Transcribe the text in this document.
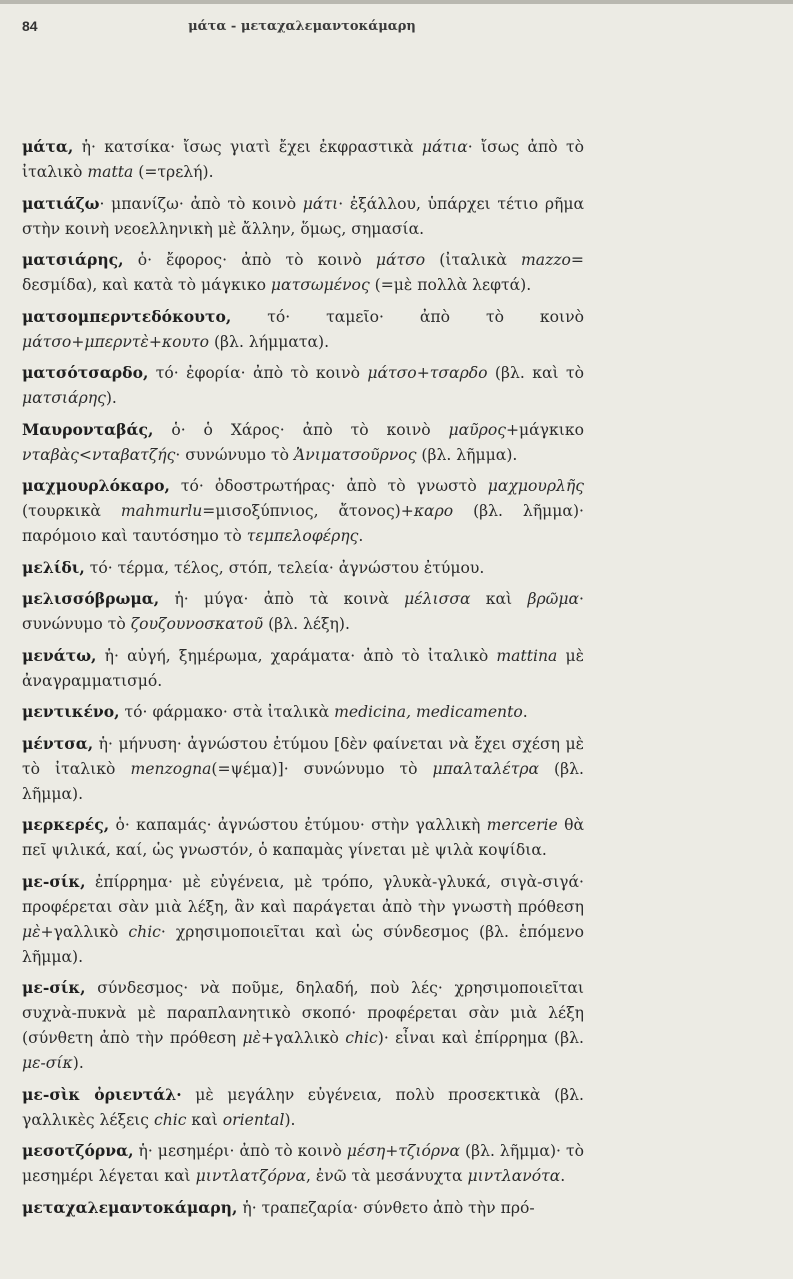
84	μάτα - μεταχαλεμαντοκάμαρη

μάτα, ἡ· κατσίκα· ἴσως γιατὶ ἔχει ἐκφραστικὰ μάτια· ἴσως ἀπὸ τὸ ἰταλικὸ matta (=τρελή).

ματιάζω· μπανίζω· ἀπὸ τὸ κοινὸ μάτι· ἐξάλλου, ὑπάρχει τέτιο ρῆμα στὴν κοινὴ νεοελληνικὴ μὲ ἄλλην, ὅμως, σημασία.

ματσιάρης, ὁ· ἔφορος· ἀπὸ τὸ κοινὸ μάτσο (ἰταλικὰ mazzo= δεσμίδα), καὶ κατὰ τὸ μάγκικο ματσωμένος (=μὲ πολλὰ λεφτά).

ματσομπερντεδόκουτο, τό· ταμεῖο· ἀπὸ τὸ κοινὸ μάτσο+μπερντὲ+κουτο (βλ. λήμματα).

ματσότσαρδο, τό· ἐφορία· ἀπὸ τὸ κοινὸ μάτσο+τσαρδο (βλ. καὶ τὸ ματσιάρης).

Μαυρονταβάς, ὁ· ὁ Χάρος· ἀπὸ τὸ κοινὸ μαῦρος+μάγκικο νταβὰς<νταβατζής· συνώνυμο τὸ Ἀνιματσοῦρνος (βλ. λῆμμα).

μαχμουρλόκαρο, τό· ὀδοστρωτήρας· ἀπὸ τὸ γνωστὸ μαχμουρλῆς (τουρκικὰ mahmurlu=μισοξύπνιος, ἄτονος)+καρο (βλ. λῆμμα)· παρόμοιο καὶ ταυτόσημο τὸ τεμπελοφέρης.

μελίδι, τό· τέρμα, τέλος, στόπ, τελεία· ἀγνώστου ἐτύμου.

μελισσόβρωμα, ἡ· μύγα· ἀπὸ τὰ κοινὰ μέλισσα καὶ βρῶμα· συνώνυμο τὸ ζουζουνοσκατοῦ (βλ. λέξη).

μενάτω, ἡ· αὐγή, ξημέρωμα, χαράματα· ἀπὸ τὸ ἰταλικὸ mattina μὲ ἀναγραμματισμό.

μεντικένο, τό· φάρμακο· στὰ ἰταλικὰ medicina, medicamento.

μέντσα, ἡ· μήνυση· ἀγνώστου ἐτύμου [δὲν φαίνεται νὰ ἔχει σχέση μὲ τὸ ἰταλικὸ menzogna(=ψέμα)]· συνώνυμο τὸ μπαλταλέτρα (βλ. λῆμμα).

μερκερές, ὁ· καπαμάς· ἀγνώστου ἐτύμου· στὴν γαλλικὴ mercerie θὰ πεῖ ψιλικά, καί, ὡς γνωστόν, ὁ καπαμὰς γίνεται μὲ ψιλὰ κοψίδια.

με-σίκ, ἐπίρρημα· μὲ εὐγένεια, μὲ τρόπο, γλυκὰ-γλυκά, σιγὰ-σιγά· προφέρεται σὰν μιὰ λέξη, ἂν καὶ παράγεται ἀπὸ τὴν γνωστὴ πρόθεση μὲ+γαλλικὸ chic· χρησιμοποιεῖται καὶ ὡς σύνδεσμος (βλ. ἑπόμενο λῆμμα).

με-σίκ, σύνδεσμος· νὰ ποῦμε, δηλαδή, ποὺ λές· χρησιμοποιεῖται συχνὰ-πυκνὰ μὲ παραπλανητικὸ σκοπό· προφέρεται σὰν μιὰ λέξη (σύνθετη ἀπὸ τὴν πρόθεση μὲ+γαλλικὸ chic)· εἶναι καὶ ἐπίρρημα (βλ. με-σίκ).

με-σὶκ ὀριεντάλ· μὲ μεγάλην εὐγένεια, πολὺ προσεκτικὰ (βλ. γαλλικὲς λέξεις chic καὶ oriental).

μεσοτζόρνα, ἡ· μεσημέρι· ἀπὸ τὸ κοινὸ μέση+τζιόρνα (βλ. λῆμμα)· τὸ μεσημέρι λέγεται καὶ μιντλατζόρνα, ἐνῶ τὰ μεσάνυχτα μιντλανότα.

μεταχαλεμαντοκάμαρη, ἡ· τραπεζαρία· σύνθετο ἀπὸ τὴν πρό-
